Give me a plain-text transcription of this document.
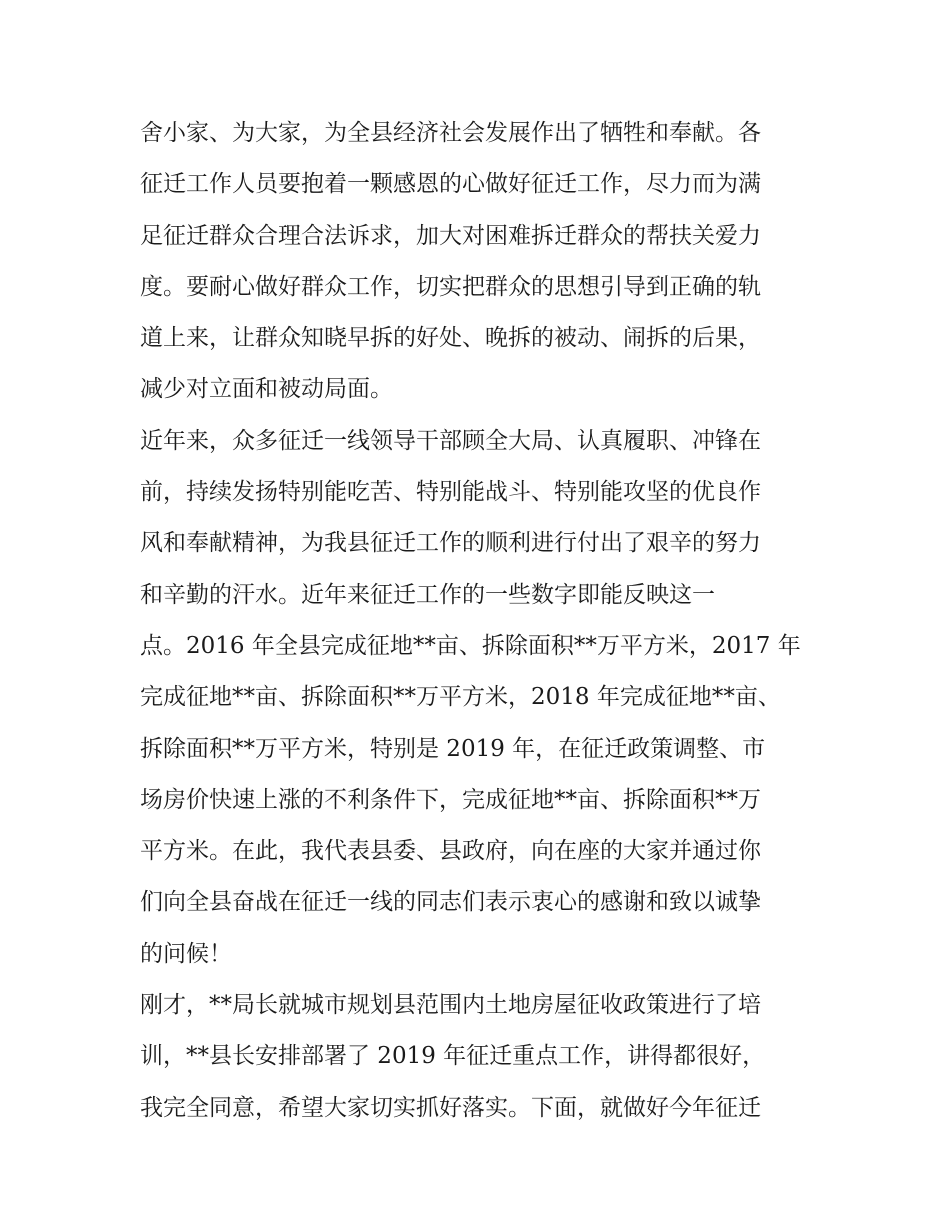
舍小家、为大家，为全县经济社会发展作出了牺牲和奉献。各
征迁工作人员要抱着一颗感恩的心做好征迁工作，尽力而为满
足征迁群众合理合法诉求，加大对困难拆迁群众的帮扶关爱力
度。要耐心做好群众工作，切实把群众的思想引导到正确的轨
道上来，让群众知晓早拆的好处、晚拆的被动、闹拆的后果，
减少对立面和被动局面。
近年来，众多征迁一线领导干部顾全大局、认真履职、冲锋在
前，持续发扬特别能吃苦、特别能战斗、特别能攻坚的优良作
风和奉献精神，为我县征迁工作的顺利进行付出了艰辛的努力
和辛勤的汗水。近年来征迁工作的一些数字即能反映这一
点。2016 年全县完成征地**亩、拆除面积**万平方米，2017 年
完成征地**亩、拆除面积**万平方米，2018 年完成征地**亩、
拆除面积**万平方米，特别是 2019 年，在征迁政策调整、市
场房价快速上涨的不利条件下，完成征地**亩、拆除面积**万
平方米。在此，我代表县委、县政府，向在座的大家并通过你
们向全县奋战在征迁一线的同志们表示衷心的感谢和致以诚挚
的问候！
刚才，**局长就城市规划县范围内土地房屋征收政策进行了培
训，**县长安排部署了 2019 年征迁重点工作，讲得都很好，
我完全同意，希望大家切实抓好落实。下面，就做好今年征迁
